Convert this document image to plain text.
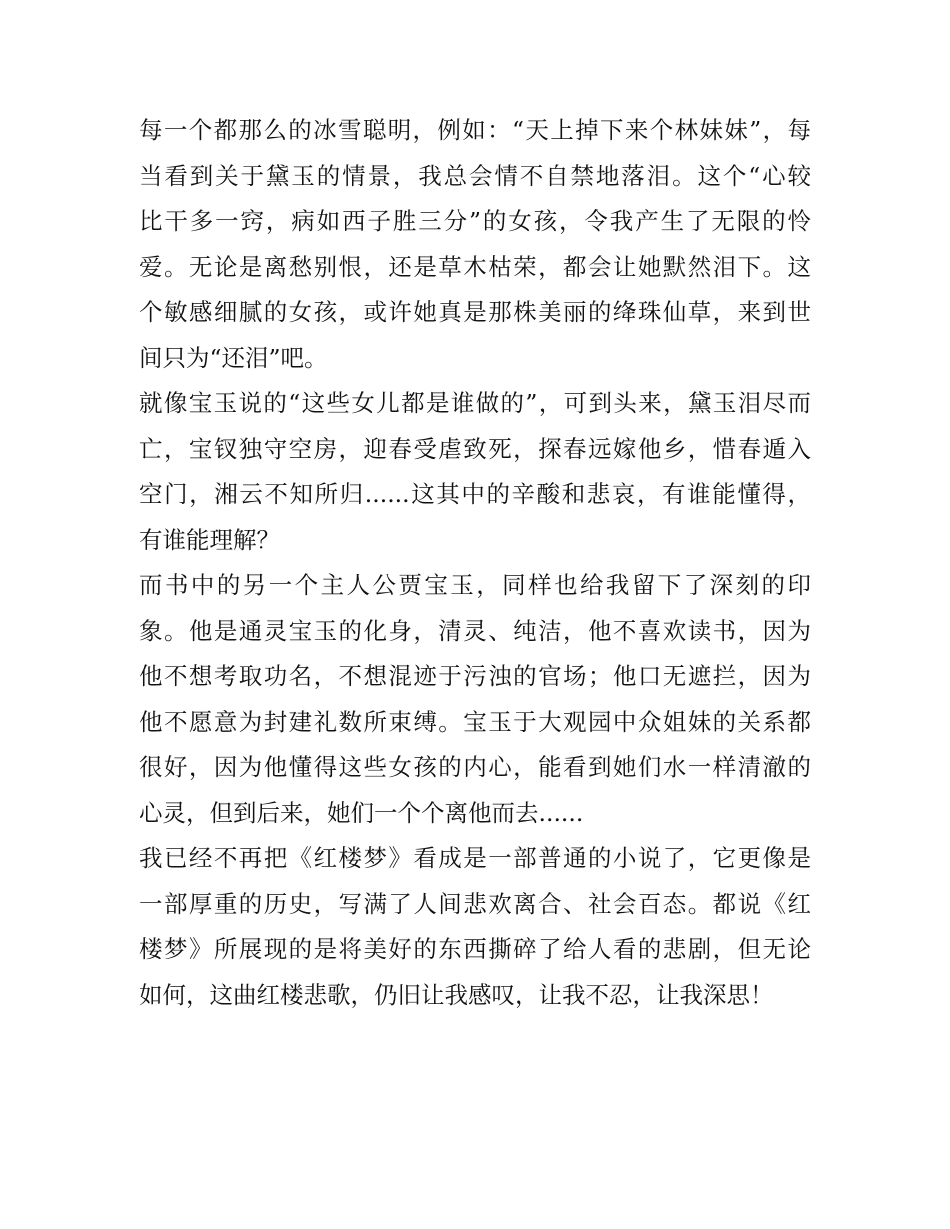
每一个都那么的冰雪聪明，例如：“天上掉下来个林妹妹”，每
当看到关于黛玉的情景，我总会情不自禁地落泪。这个“心较
比干多一窍，病如西子胜三分”的女孩，令我产生了无限的怜
爱。无论是离愁别恨，还是草木枯荣，都会让她默然泪下。这
个敏感细腻的女孩，或许她真是那株美丽的绛珠仙草，来到世
间只为“还泪”吧。
就像宝玉说的“这些女儿都是谁做的”，可到头来，黛玉泪尽而
亡，宝钗独守空房，迎春受虐致死，探春远嫁他乡，惜春遁入
空门，湘云不知所归......这其中的辛酸和悲哀，有谁能懂得，
有谁能理解？
而书中的另一个主人公贾宝玉，同样也给我留下了深刻的印
象。他是通灵宝玉的化身，清灵、纯洁，他不喜欢读书，因为
他不想考取功名，不想混迹于污浊的官场；他口无遮拦，因为
他不愿意为封建礼数所束缚。宝玉于大观园中众姐妹的关系都
很好，因为他懂得这些女孩的内心，能看到她们水一样清澈的
心灵，但到后来，她们一个个离他而去......
我已经不再把《红楼梦》看成是一部普通的小说了，它更像是
一部厚重的历史，写满了人间悲欢离合、社会百态。都说《红
楼梦》所展现的是将美好的东西撕碎了给人看的悲剧，但无论
如何，这曲红楼悲歌，仍旧让我感叹，让我不忍，让我深思！
